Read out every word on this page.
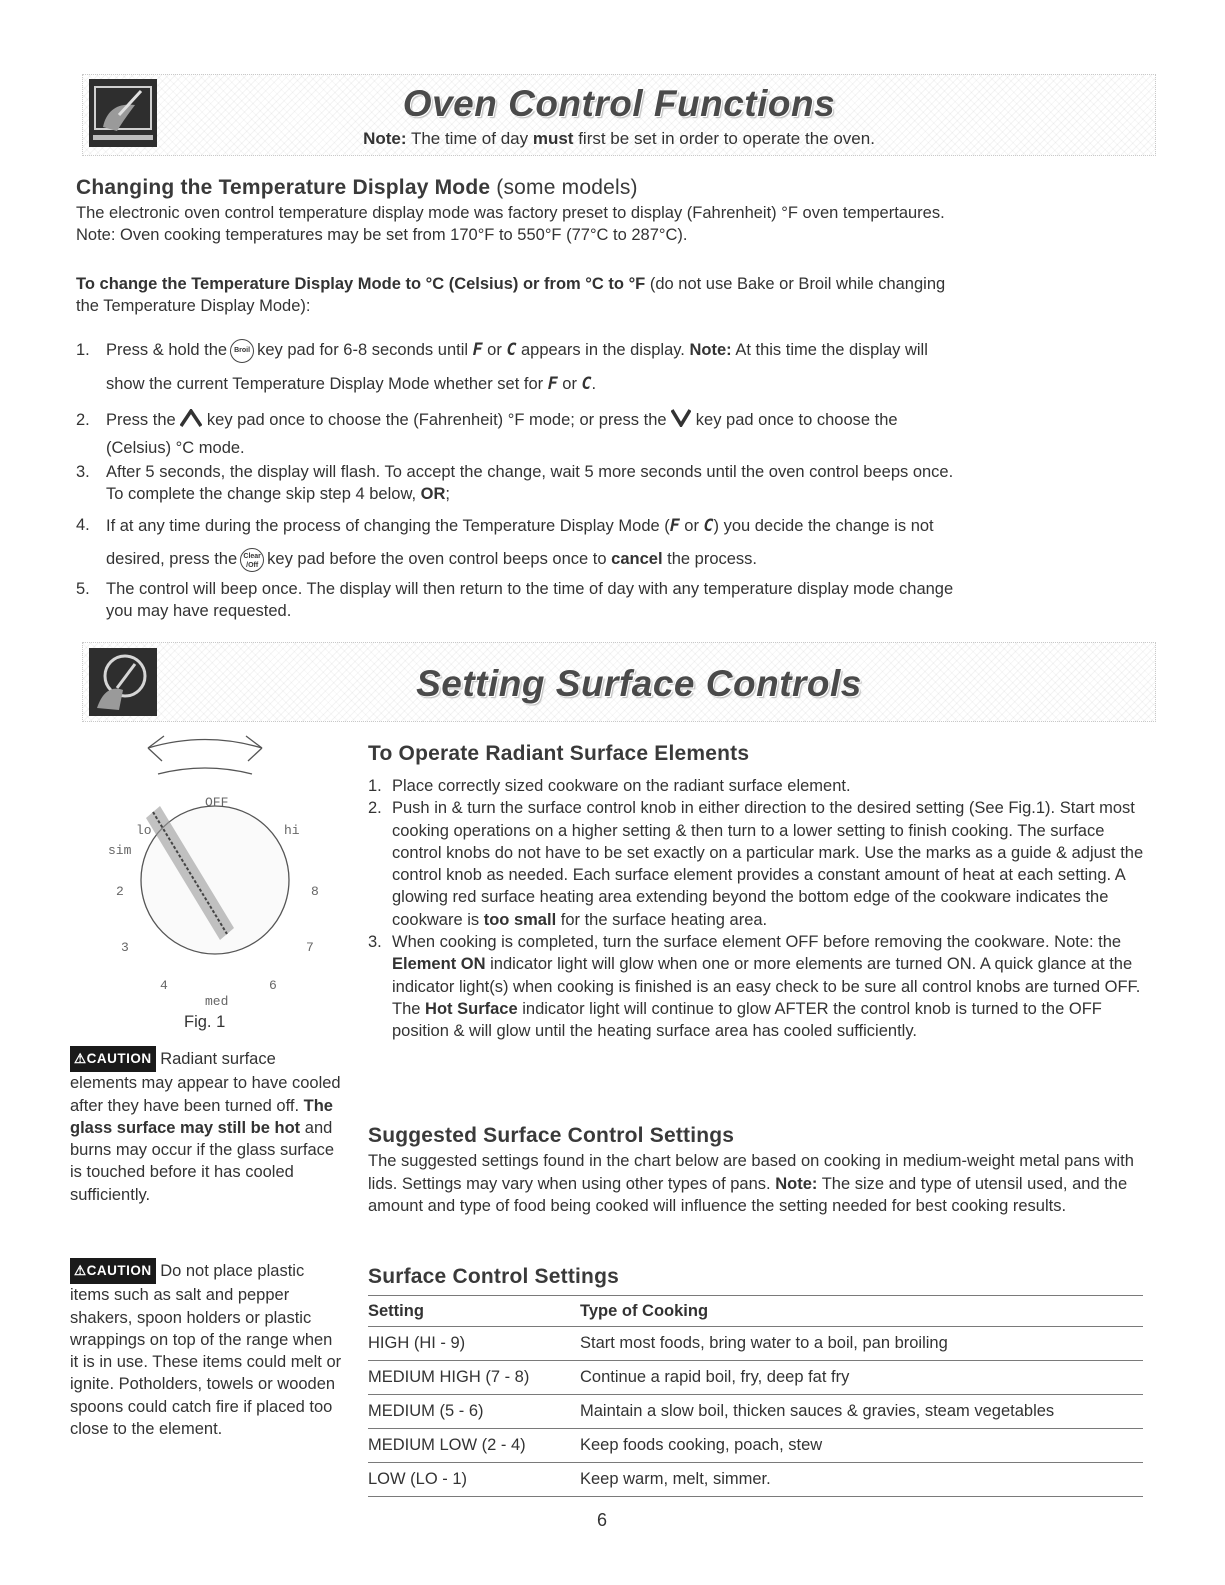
Oven Control Functions
Note: The time of day must first be set in order to operate the oven.
Changing the Temperature Display Mode (some models)
The electronic oven control temperature display mode was factory preset to display (Fahrenheit) °F oven tempertaures.
Note: Oven cooking temperatures may be set from 170°F to 550°F (77°C to 287°C).
To change the Temperature Display Mode to °C (Celsius) or from °C to °F (do not use Bake or Broil while changing
the Temperature Display Mode):
1. Press & hold the Broil key pad for 6-8 seconds until F or C appears in the display. Note: At this time the display will
show the current Temperature Display Mode whether set for F or C.
2. Press the key pad once to choose the (Fahrenheit) °F mode; or press the key pad once to choose the
(Celsius) °C mode.
3. After 5 seconds, the display will flash. To accept the change, wait 5 more seconds until the oven control beeps once.
To complete the change skip step 4 below, OR;
4. If at any time during the process of changing the Temperature Display Mode (F or C) you decide the change is not
desired, press the Clear
/Off key pad before the oven control beeps once to cancel the process.
5. The control will beep once. The display will then return to the time of day with any temperature display mode change
you may have requested.
Setting Surface Controls
OFF
lo	hi
sim
2
3
4
med
6
7
8
Fig. 1
⚠CAUTION Radiant surface elements may appear to have cooled after they have been turned off. The glass surface may still be hot and burns may occur if the glass surface is touched before it has cooled sufficiently.
⚠CAUTION Do not place plastic items such as salt and pepper shakers, spoon holders or plastic wrappings on top of the range when it is in use. These items could melt or ignite. Potholders, towels or wooden spoons could catch fire if placed too close to the element.
To Operate Radiant Surface Elements
1. Place correctly sized cookware on the radiant surface element.
2. Push in & turn the surface control knob in either direction to the desired setting (See Fig.1). Start most cooking operations on a higher setting & then turn to a lower setting to finish cooking. The surface control knobs do not have to be set exactly on a particular mark. Use the marks as a guide & adjust the control knob as needed. Each surface element provides a constant amount of heat at each setting. A glowing red surface heating area extending beyond the bottom edge of the cookware indicates the cookware is too small for the surface heating area.
3. When cooking is completed, turn the surface element OFF before removing the cookware. Note: the Element ON indicator light will glow when one or more elements are turned ON. A quick glance at the indicator light(s) when cooking is finished is an easy check to be sure all control knobs are turned OFF. The Hot Surface indicator light will continue to glow AFTER the control knob is turned to the OFF position & will glow until the heating surface area has cooled sufficiently.
Suggested Surface Control Settings
The suggested settings found in the chart below are based on cooking in medium-weight metal pans with lids. Settings may vary when using other types of pans. Note: The size and type of utensil used, and the amount and type of food being cooked will influence the setting needed for best cooking results.
Surface Control Settings
Setting	Type of Cooking
HIGH (HI - 9)	Start most foods, bring water to a boil, pan broiling
MEDIUM HIGH (7 - 8)	Continue a rapid boil, fry, deep fat fry
MEDIUM (5 - 6)	Maintain a slow boil, thicken sauces & gravies, steam vegetables
MEDIUM LOW (2 - 4)	Keep foods cooking, poach, stew
LOW (LO - 1)	Keep warm, melt, simmer.
6
